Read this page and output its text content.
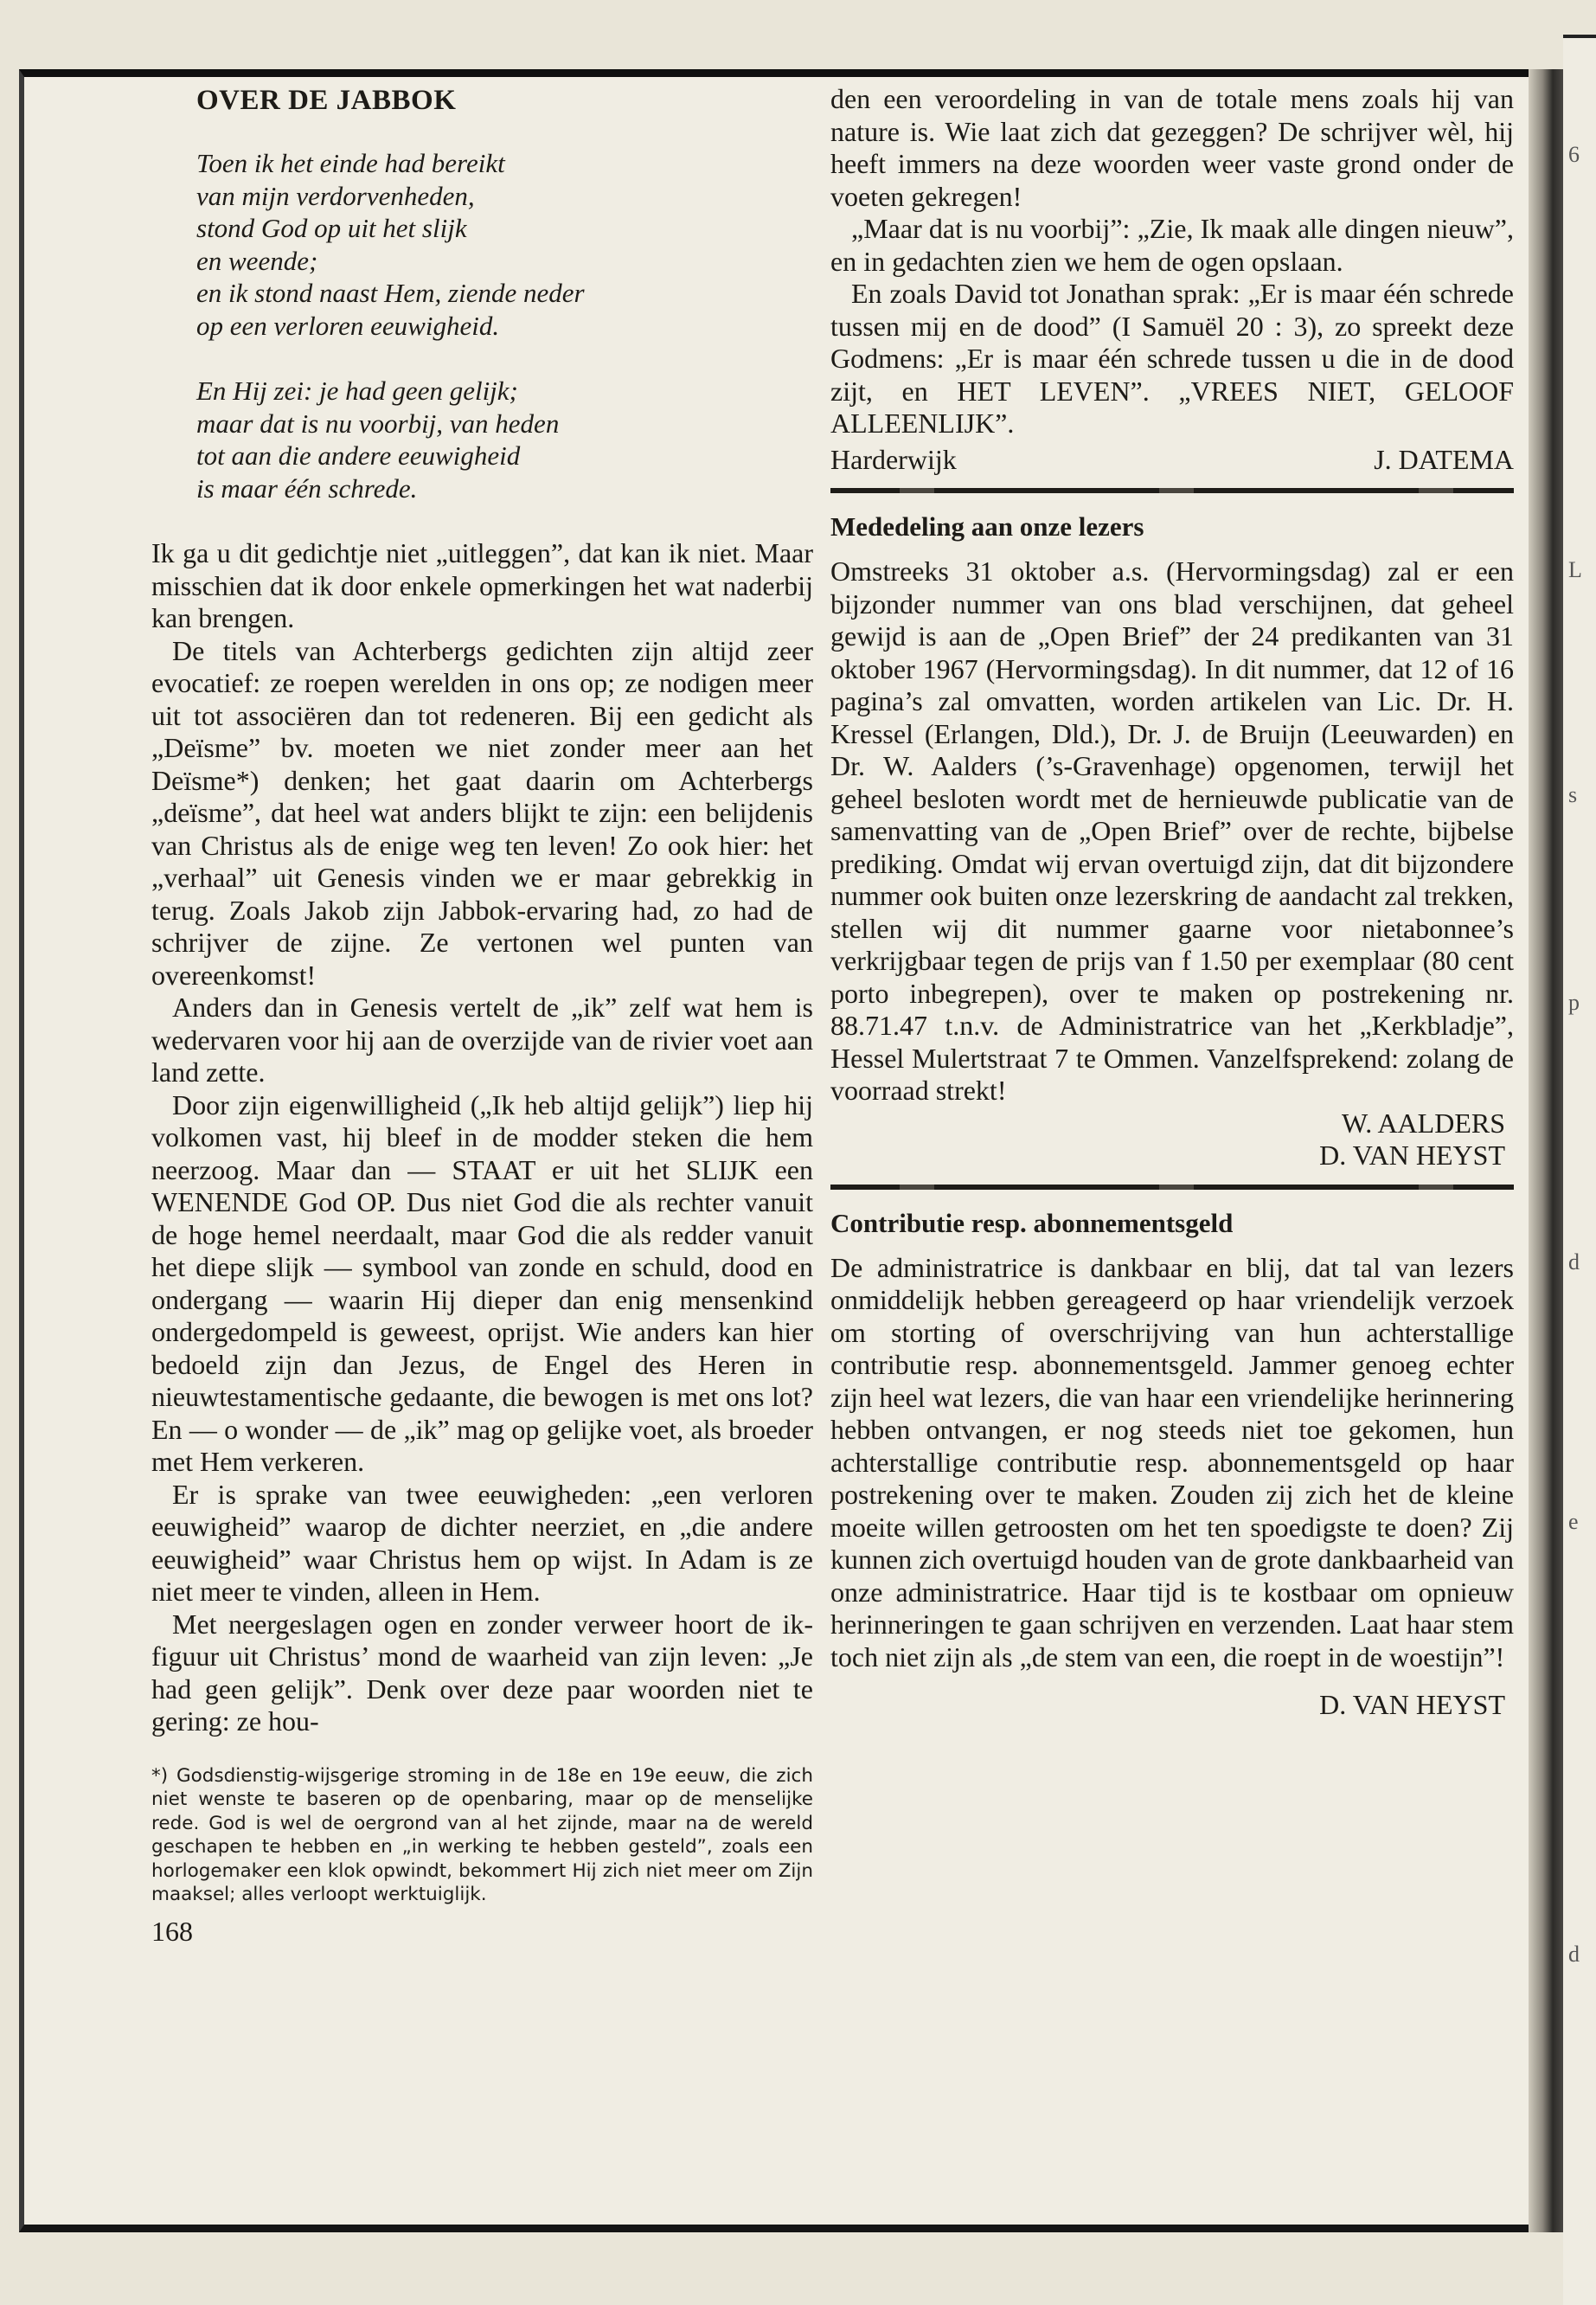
6
L
s
p
d
e
d
OVER DE JABBOK
Toen ik het einde had bereikt
van mijn verdorvenheden,
stond God op uit het slijk
en weende;
en ik stond naast Hem, ziende neder
op een verloren eeuwigheid.
En Hij zei: je had geen gelijk;
maar dat is nu voorbij, van heden
tot aan die andere eeuwigheid
is maar één schrede.

Ik ga u dit gedichtje niet „uitleggen”, dat kan ik niet. Maar misschien dat ik door enkele opmerkingen het wat naderbij kan brengen.

De titels van Achterbergs gedichten zijn altijd zeer evocatief: ze roepen werelden in ons op; ze nodigen meer uit tot associëren dan tot redeneren. Bij een gedicht als „Deïsme” bv. moeten we niet zonder meer aan het Deïsme*) denken; het gaat daarin om Achterbergs „deïsme”, dat heel wat anders blijkt te zijn: een belijdenis van Christus als de enige weg ten leven! Zo ook hier: het „verhaal” uit Genesis vinden we er maar gebrekkig in terug. Zoals Jakob zijn Jabbok-ervaring had, zo had de schrijver de zijne. Ze vertonen wel punten van overeenkomst!

Anders dan in Genesis vertelt de „ik” zelf wat hem is wedervaren voor hij aan de overzijde van de rivier voet aan land zette.

Door zijn eigenwilligheid („Ik heb altijd gelijk”) liep hij volkomen vast, hij bleef in de modder steken die hem neerzoog. Maar dan — STAAT er uit het SLIJK een WENENDE God OP. Dus niet God die als rechter vanuit de hoge hemel neerdaalt, maar God die als redder vanuit het diepe slijk — symbool van zonde en schuld, dood en ondergang — waarin Hij dieper dan enig mensenkind ondergedompeld is geweest, oprijst. Wie anders kan hier bedoeld zijn dan Jezus, de Engel des Heren in nieuwtestamentische gedaante, die bewogen is met ons lot? En — o wonder — de „ik” mag op gelijke voet, als broeder met Hem verkeren.

Er is sprake van twee eeuwigheden: „een verloren eeuwigheid” waarop de dichter neerziet, en „die andere eeuwigheid” waar Christus hem op wijst. In Adam is ze niet meer te vinden, alleen in Hem.

Met neergeslagen ogen en zonder verweer hoort de ik-figuur uit Christus’ mond de waarheid van zijn leven: „Je had geen gelijk”. Denk over deze paar woorden niet te gering: ze hou-

*) Godsdienstig-wijsgerige stroming in de 18e en 19e eeuw, die zich niet wenste te baseren op de openbaring, maar op de menselijke rede. God is wel de oergrond van al het zijnde, maar na de wereld geschapen te hebben en „in werking te hebben gesteld”, zoals een horlogemaker een klok opwindt, bekommert Hij zich niet meer om Zijn maaksel; alles verloopt werktuiglijk.
168

den een veroordeling in van de totale mens zoals hij van nature is. Wie laat zich dat gezeggen? De schrijver wèl, hij heeft immers na deze woorden weer vaste grond onder de voeten gekregen!

„Maar dat is nu voorbij”: „Zie, Ik maak alle dingen nieuw”, en in gedachten zien we hem de ogen opslaan.

En zoals David tot Jonathan sprak: „Er is maar één schrede tussen mij en de dood” (I Samuël 20 : 3), zo spreekt deze Godmens: „Er is maar één schrede tussen u die in de dood zijt, en HET LEVEN”. „VREES NIET, GELOOF ALLEENLIJK”.

Harderwijk	J. DATEMA
Mededeling aan onze lezers

Omstreeks 31 oktober a.s. (Hervormingsdag) zal er een bijzonder nummer van ons blad verschijnen, dat geheel gewijd is aan de „Open Brief” der 24 predikanten van 31 oktober 1967 (Hervormingsdag). In dit nummer, dat 12 of 16 pagina’s zal omvatten, worden artikelen van Lic. Dr. H. Kressel (Erlangen, Dld.), Dr. J. de Bruijn (Leeuwarden) en Dr. W. Aalders (’s-Gravenhage) opgenomen, terwijl het geheel besloten wordt met de hernieuwde publicatie van de samenvatting van de „Open Brief” over de rechte, bijbelse prediking. Omdat wij ervan overtuigd zijn, dat dit bijzondere nummer ook buiten onze lezerskring de aandacht zal trekken, stellen wij dit nummer gaarne voor nietabonnee’s verkrijgbaar tegen de prijs van f 1.50 per exemplaar (80 cent porto inbegrepen), over te maken op postrekening nr. 88.71.47 t.n.v. de Administratrice van het „Kerkbladje”, Hessel Mulertstraat 7 te Ommen. Vanzelfsprekend: zolang de voorraad strekt!

W. AALDERS
D. VAN HEYST
Contributie resp. abonnementsgeld

De administratrice is dankbaar en blij, dat tal van lezers onmiddelijk hebben gereageerd op haar vriendelijk verzoek om storting of overschrijving van hun achterstallige contributie resp. abonnementsgeld. Jammer genoeg echter zijn heel wat lezers, die van haar een vriendelijke herinnering hebben ontvangen, er nog steeds niet toe gekomen, hun achterstallige contributie resp. abonnementsgeld op haar postrekening over te maken. Zouden zij zich het de kleine moeite willen getroosten om het ten spoedigste te doen? Zij kunnen zich overtuigd houden van de grote dankbaarheid van onze administratrice. Haar tijd is te kostbaar om opnieuw herinneringen te gaan schrijven en verzenden. Laat haar stem toch niet zijn als „de stem van een, die roept in de woestijn”!

D. VAN HEYST
